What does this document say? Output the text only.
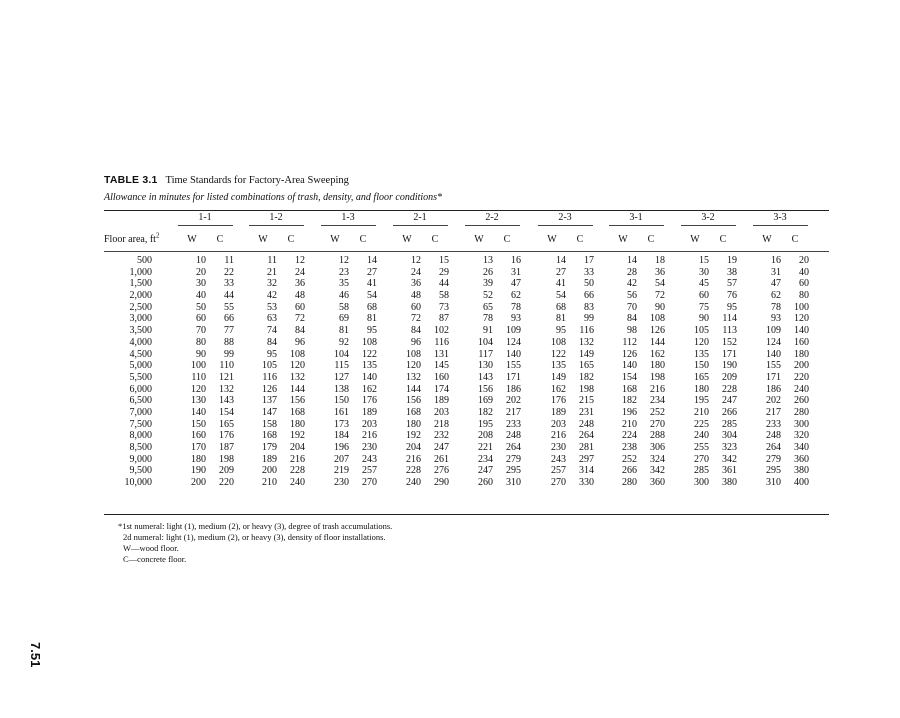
TABLE 3.1 Time Standards for Factory-Area Sweeping
Allowance in minutes for listed combinations of trash, density, and floor conditions*
1-1
W	C
1-2
W	C
1-3
W	C
2-1
W	C
2-2
W	C
2-3
W	C
3-1
W	C
3-2
W	C
3-3
W	C
Floor area, $ft^2$
500	10	11	11	12	12	14	12	15	13	16	14	17	14	18	15	19	16	20
1,000	20	22	21	24	23	27	24	29	26	31	27	33	28	36	30	38	31	40
1,500	30	33	32	36	35	41	36	44	39	47	41	50	42	54	45	57	47	60
2,000	40	44	42	48	46	54	48	58	52	62	54	66	56	72	60	76	62	80
2,500	50	55	53	60	58	68	60	73	65	78	68	83	70	90	75	95	78	100
3,000	60	66	63	72	69	81	72	87	78	93	81	99	84	108	90	114	93	120
3,500	70	77	74	84	81	95	84	102	91	109	95	116	98	126	105	113	109	140
4,000	80	88	84	96	92	108	96	116	104	124	108	132	112	144	120	152	124	160
4,500	90	99	95	108	104	122	108	131	117	140	122	149	126	162	135	171	140	180
5,000	100	110	105	120	115	135	120	145	130	155	135	165	140	180	150	190	155	200
5,500	110	121	116	132	127	140	132	160	143	171	149	182	154	198	165	209	171	220
6,000	120	132	126	144	138	162	144	174	156	186	162	198	168	216	180	228	186	240
6,500	130	143	137	156	150	176	156	189	169	202	176	215	182	234	195	247	202	260
7,000	140	154	147	168	161	189	168	203	182	217	189	231	196	252	210	266	217	280
7,500	150	165	158	180	173	203	180	218	195	233	203	248	210	270	225	285	233	300
8,000	160	176	168	192	184	216	192	232	208	248	216	264	224	288	240	304	248	320
8,500	170	187	179	204	196	230	204	247	221	264	230	281	238	306	255	323	264	340
9,000	180	198	189	216	207	243	216	261	234	279	243	297	252	324	270	342	279	360
9,500	190	209	200	228	219	257	228	276	247	295	257	314	266	342	285	361	295	380
10,000	200	220	210	240	230	270	240	290	260	310	270	330	280	360	300	380	310	400
*1st numeral: light (1), medium (2), or heavy (3), degree of trash accumulations.
2d numeral: light (1), medium (2), or heavy (3), density of floor installations.
W—wood floor.
C—concrete floor.
7.51
